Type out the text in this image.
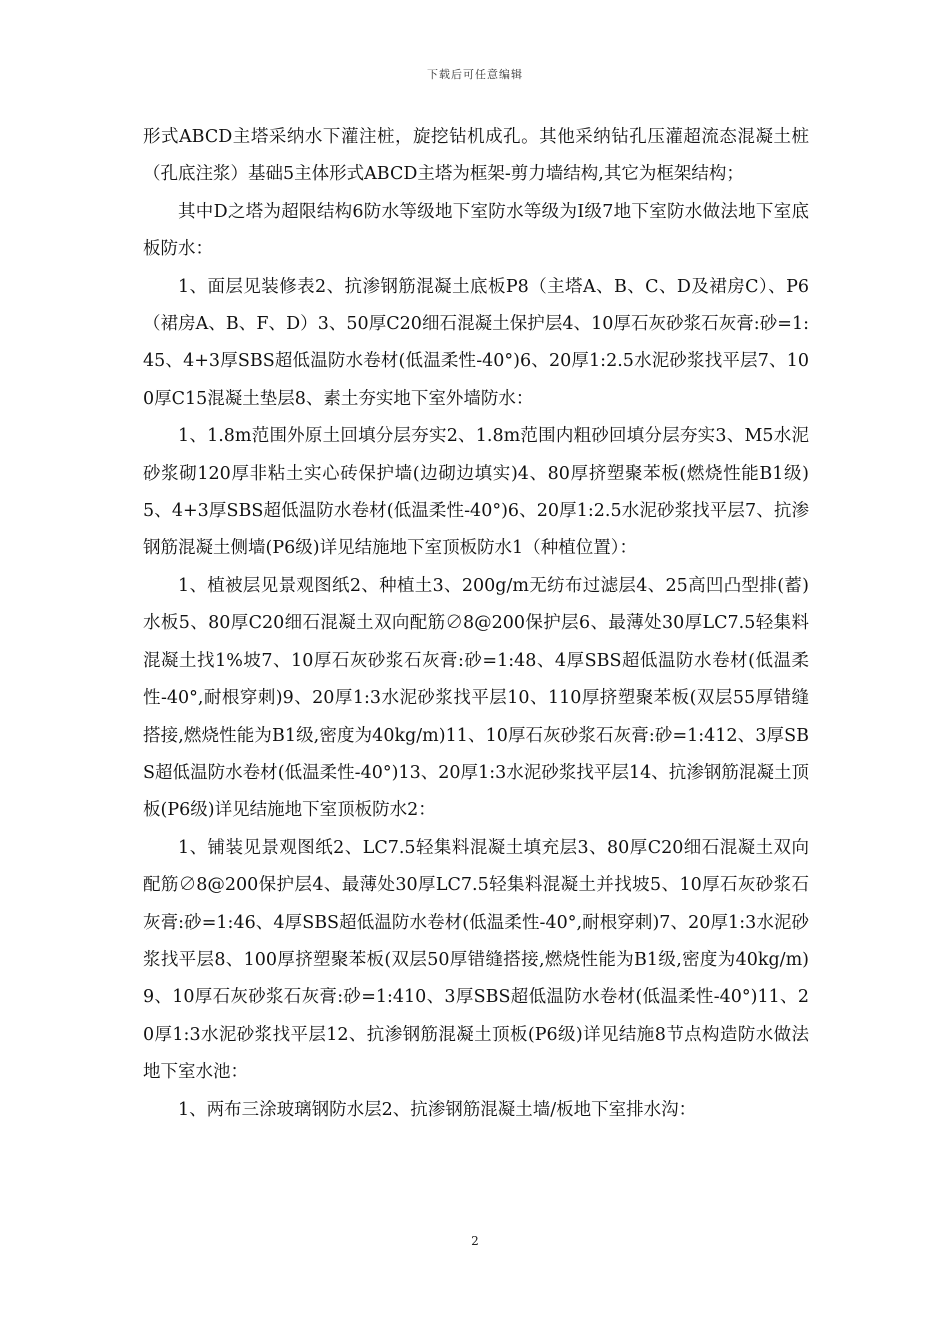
下载后可任意编辑

形式ABCD主塔采纳水下灌注桩，旋挖钻机成孔。其他采纳钻孔压灌超流态混凝土桩（孔底注浆）基础5主体形式ABCD主塔为框架-剪力墙结构,其它为框架结构；

其中D之塔为超限结构6防水等级地下室防水等级为Ⅰ级7地下室防水做法地下室底板防水：

1、面层见装修表2、抗渗钢筋混凝土底板P8（主塔A、B、C、D及裙房C）、P6（裙房A、B、F、D）3、50厚C20细石混凝土保护层4、10厚石灰砂浆石灰膏:砂=1:45、4+3厚SBS超低温防水卷材(低温柔性-40°)6、20厚1:2.5水泥砂浆找平层7、100厚C15混凝土垫层8、素土夯实地下室外墙防水：

1、1.8m范围外原土回填分层夯实2、1.8m范围内粗砂回填分层夯实3、M5水泥砂浆砌120厚非粘土实心砖保护墙(边砌边填实)4、80厚挤塑聚苯板(燃烧性能B1级)5、4+3厚SBS超低温防水卷材(低温柔性-40°)6、20厚1:2.5水泥砂浆找平层7、抗渗钢筋混凝土侧墙(P6级)详见结施地下室顶板防水1（种植位置）：

1、植被层见景观图纸2、种植土3、200g/m无纺布过滤层4、25高凹凸型排(蓄)水板5、80厚C20细石混凝土双向配筋∅8@200保护层6、最薄处30厚LC7.5轻集料混凝土找1%坡7、10厚石灰砂浆石灰膏:砂=1:48、4厚SBS超低温防水卷材(低温柔性-40°,耐根穿刺)9、20厚1:3水泥砂浆找平层10、110厚挤塑聚苯板(双层55厚错缝搭接,燃烧性能为B1级,密度为40kg/m)11、10厚石灰砂浆石灰膏:砂=1:412、3厚SBS超低温防水卷材(低温柔性-40°)13、20厚1:3水泥砂浆找平层14、抗渗钢筋混凝土顶板(P6级)详见结施地下室顶板防水2：

1、铺装见景观图纸2、LC7.5轻集料混凝土填充层3、80厚C20细石混凝土双向配筋∅8@200保护层4、最薄处30厚LC7.5轻集料混凝土并找坡5、10厚石灰砂浆石灰膏:砂=1:46、4厚SBS超低温防水卷材(低温柔性-40°,耐根穿刺)7、20厚1:3水泥砂浆找平层8、100厚挤塑聚苯板(双层50厚错缝搭接,燃烧性能为B1级,密度为40kg/m)9、10厚石灰砂浆石灰膏:砂=1:410、3厚SBS超低温防水卷材(低温柔性-40°)11、20厚1:3水泥砂浆找平层12、抗渗钢筋混凝土顶板(P6级)详见结施8节点构造防水做法地下室水池：

1、两布三涂玻璃钢防水层2、抗渗钢筋混凝土墙/板地下室排水沟：

2
